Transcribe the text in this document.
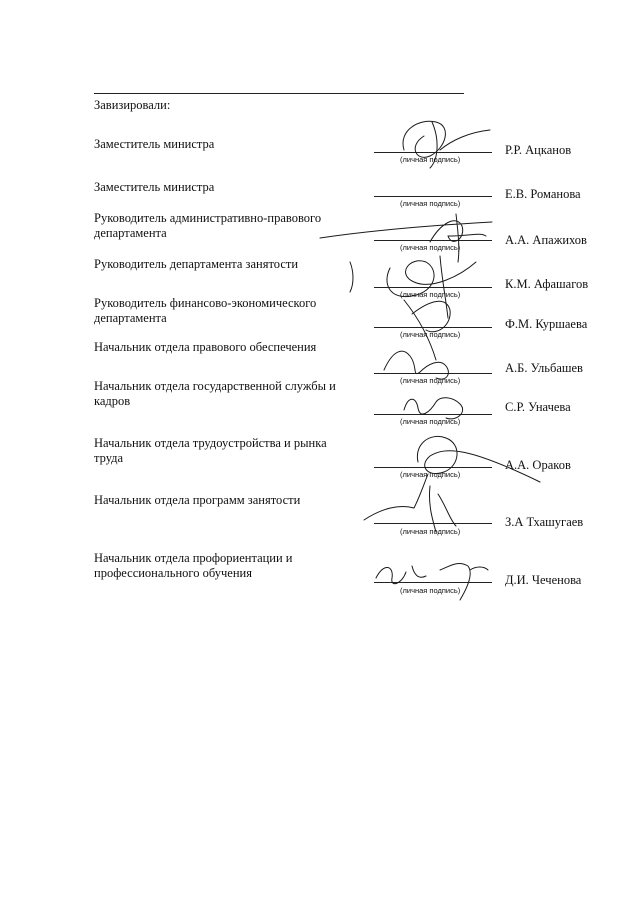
Завизировали:
Заместитель министра
(личная подпись)
Р.Р. Ацканов
Заместитель министра
(личная подпись)
Е.В. Романова
Руководитель административно-правового департамента
(личная подпись)
А.А. Апажихов
Руководитель департамента занятости
(личная подпись)
К.М. Афашагов
Руководитель финансово-экономического департамента
(личная подпись)
Ф.М. Куршаева
Начальник отдела правового обеспечения
(личная подпись)
А.Б. Ульбашев
Начальник отдела государственной службы и кадров
(личная подпись)
С.Р. Уначева
Начальник отдела трудоустройства и рынка труда
(личная подпись)
А.А. Ораков
Начальник отдела программ занятости
(личная подпись)
З.А Тхашугаев
Начальник отдела профориентации и профессионального обучения
(личная подпись)
Д.И. Чеченова
